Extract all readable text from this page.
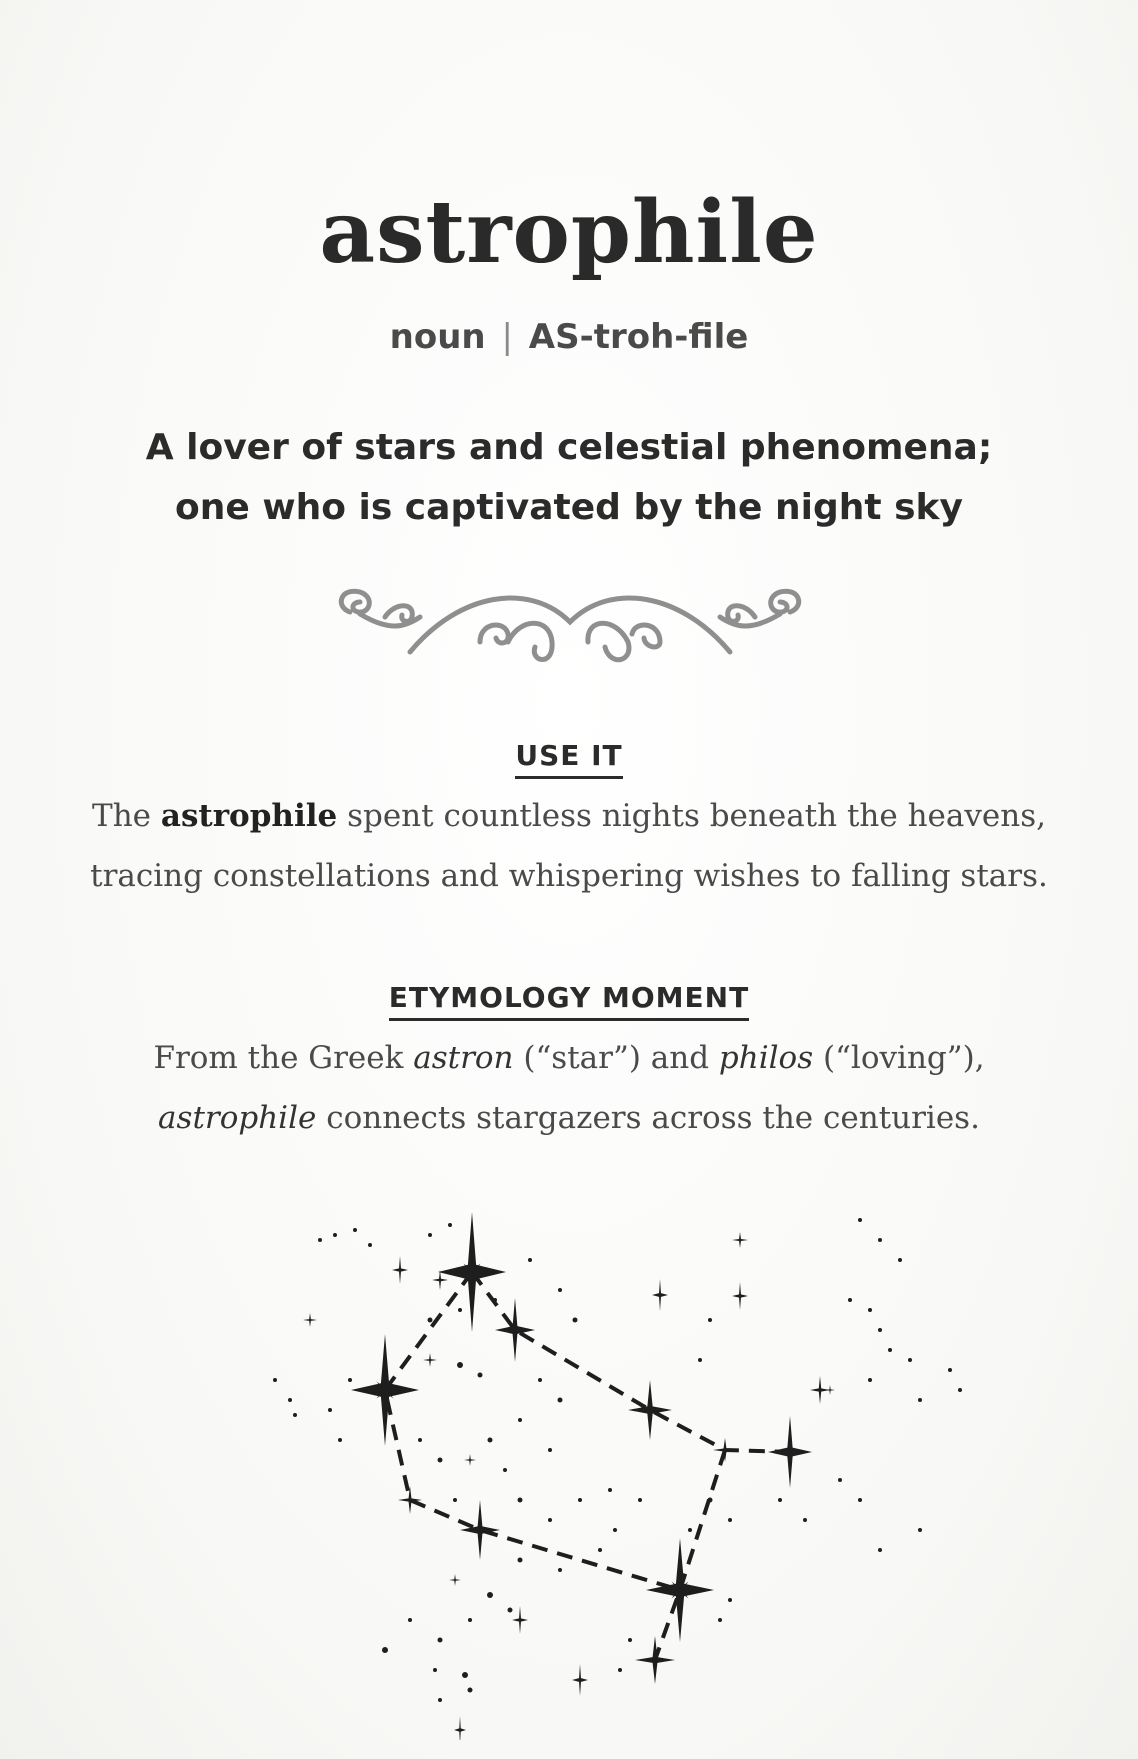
astrophile
noun | AS-troh-file
A lover of stars and celestial phenomena;
one who is captivated by the night sky
USE IT
The astrophile spent countless nights beneath the heavens,
tracing constellations and whispering wishes to falling stars.
ETYMOLOGY MOMENT
From the Greek astron (“star”) and philos (“loving”),
astrophile connects stargazers across the centuries.
